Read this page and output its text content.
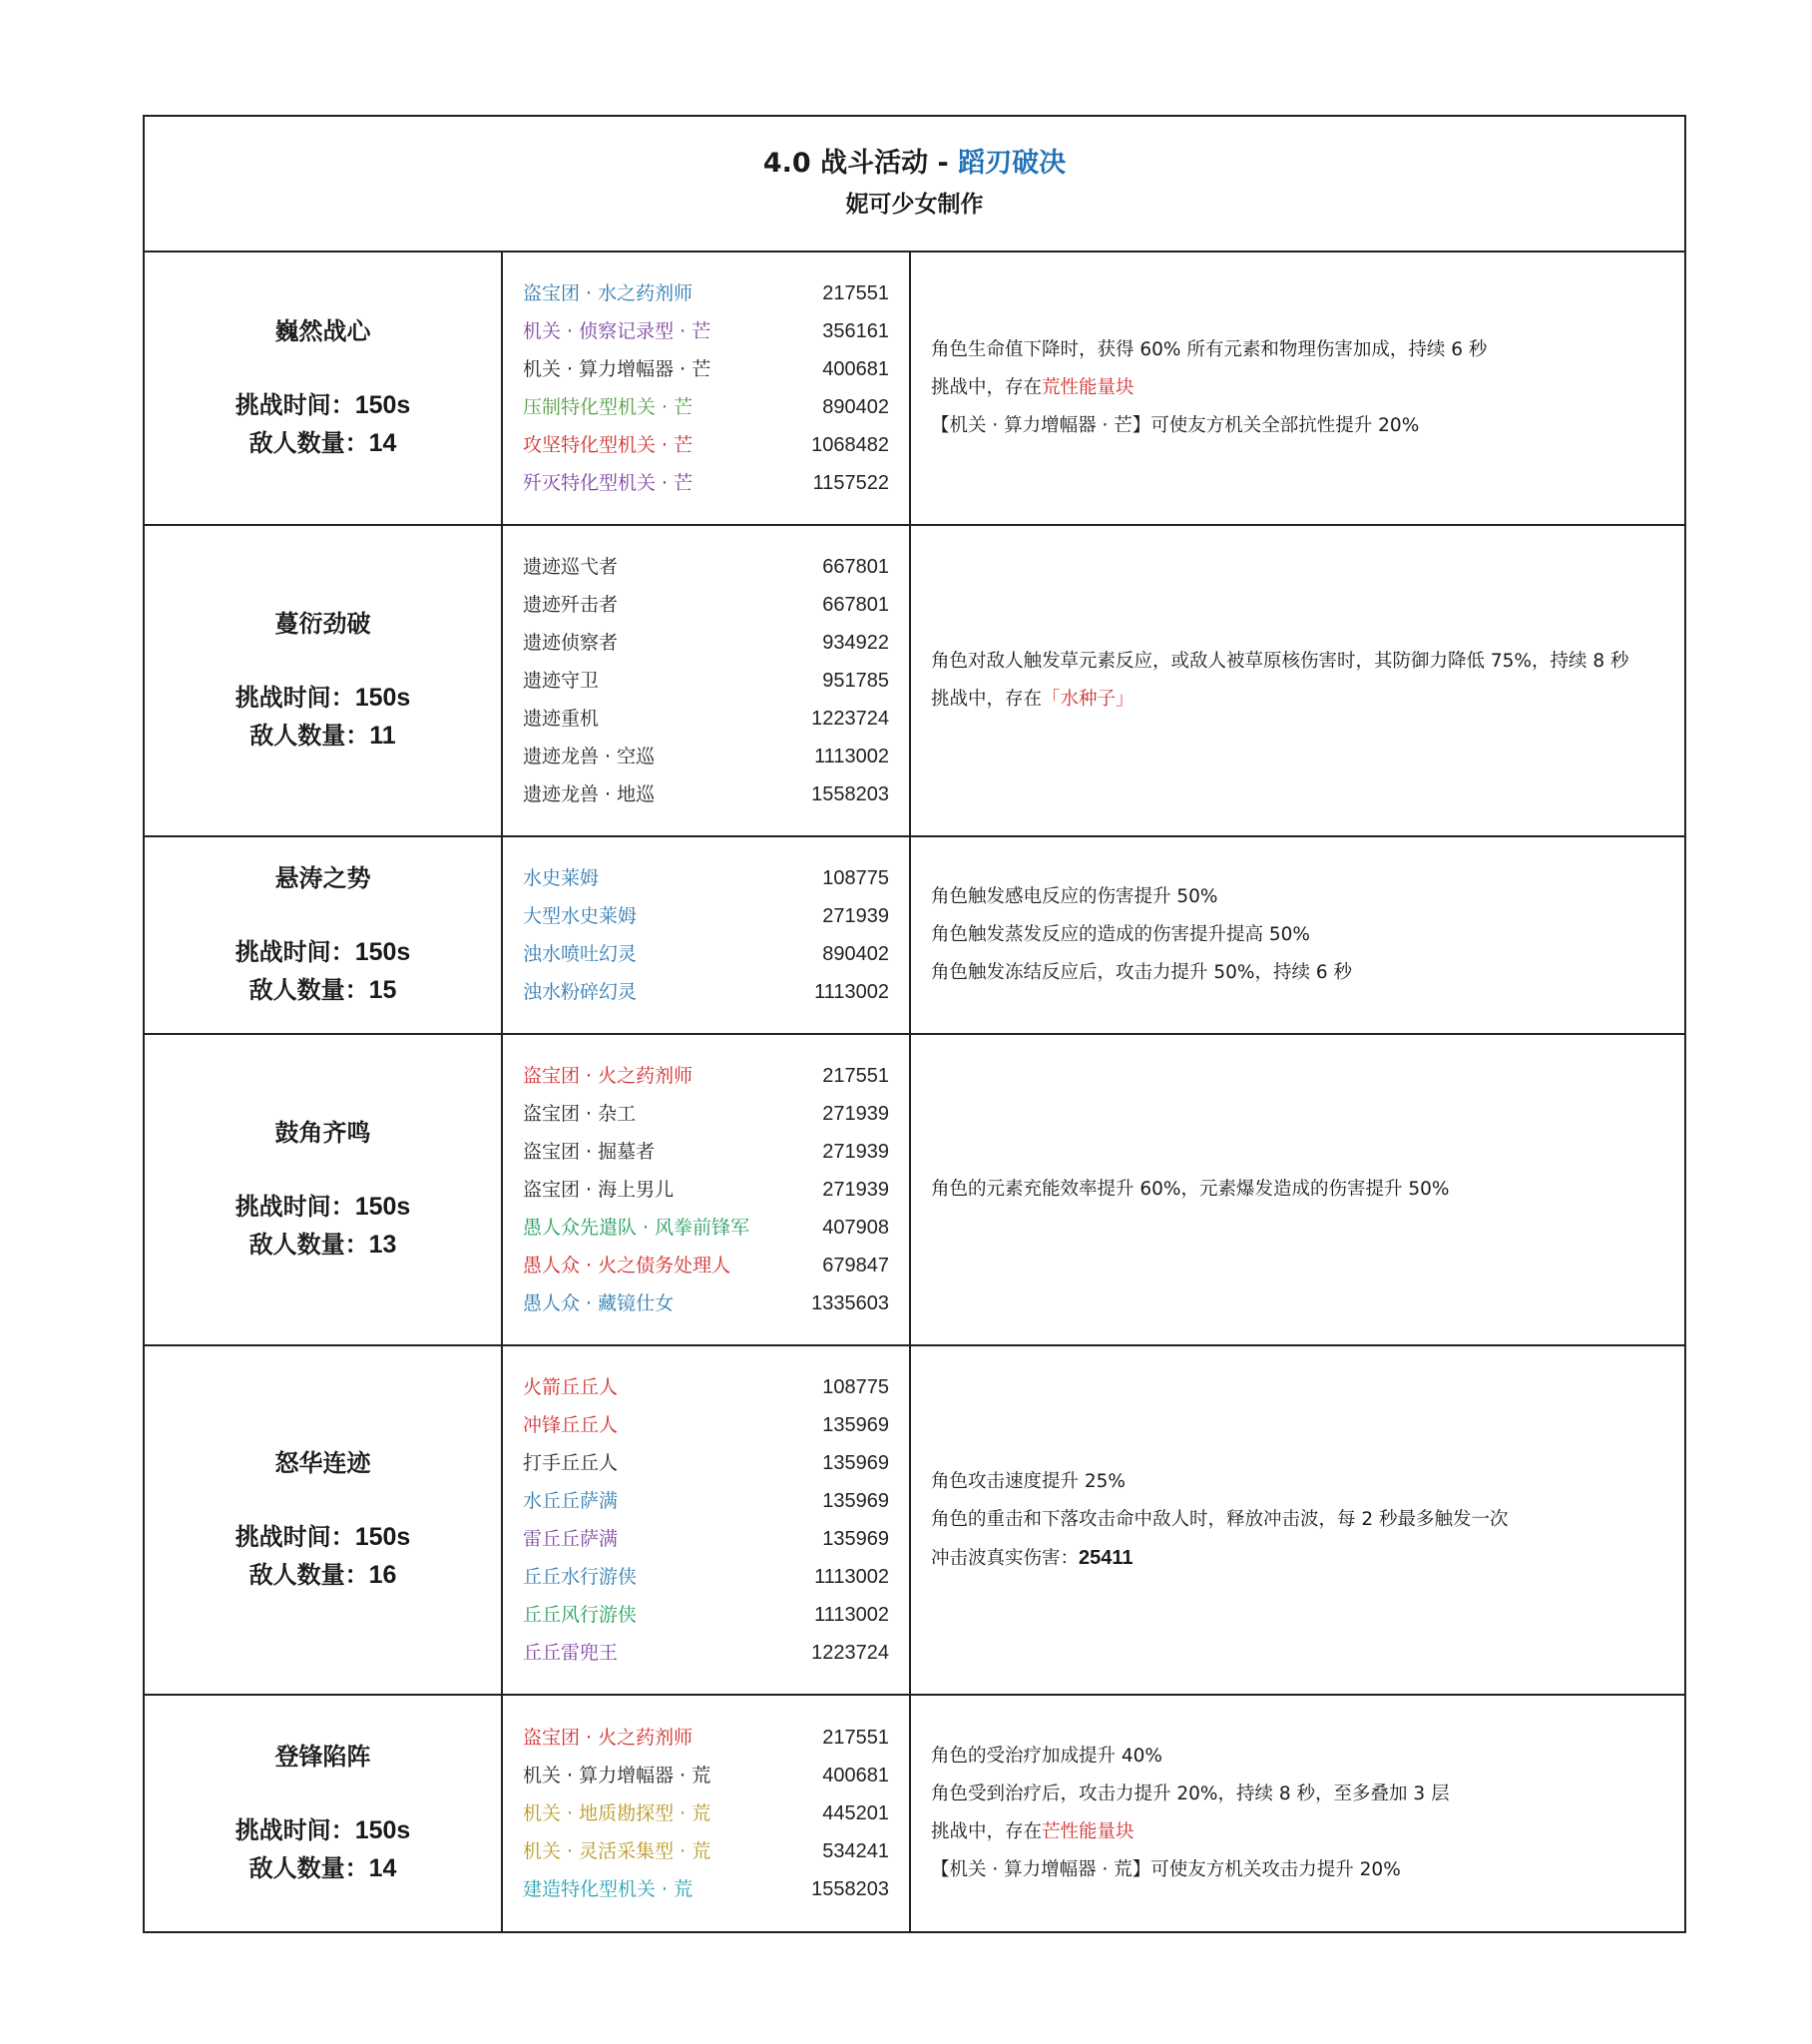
4.0 战斗活动 - 蹈刃破决
妮可少女制作
巍然战心
挑战时间：150s
敌人数量：14
盗宝团 · 水之药剂师	217551
机关 · 侦察记录型 · 芒	356161
机关 · 算力增幅器 · 芒	400681
压制特化型机关 · 芒	890402
攻坚特化型机关 · 芒	1068482
歼灭特化型机关 · 芒	1157522
角色生命值下降时，获得 60% 所有元素和物理伤害加成，持续 6 秒
挑战中，存在荒性能量块
【机关 · 算力增幅器 · 芒】可使友方机关全部抗性提升 20%
蔓衍劲破
挑战时间：150s
敌人数量：11
遗迹巡弋者	667801
遗迹歼击者	667801
遗迹侦察者	934922
遗迹守卫	951785
遗迹重机	1223724
遗迹龙兽 · 空巡	1113002
遗迹龙兽 · 地巡	1558203
角色对敌人触发草元素反应，或敌人被草原核伤害时，其防御力降低 75%，持续 8 秒
挑战中，存在「水种子」
悬涛之势
挑战时间：150s
敌人数量：15
水史莱姆	108775
大型水史莱姆	271939
浊水喷吐幻灵	890402
浊水粉碎幻灵	1113002
角色触发感电反应的伤害提升 50%
角色触发蒸发反应的造成的伤害提升提高 50%
角色触发冻结反应后，攻击力提升 50%，持续 6 秒
鼓角齐鸣
挑战时间：150s
敌人数量：13
盗宝团 · 火之药剂师	217551
盗宝团 · 杂工	271939
盗宝团 · 掘墓者	271939
盗宝团 · 海上男儿	271939
愚人众先遣队 · 风拳前锋军	407908
愚人众 · 火之债务处理人	679847
愚人众 · 藏镜仕女	1335603
角色的元素充能效率提升 60%，元素爆发造成的伤害提升 50%
怒华连迹
挑战时间：150s
敌人数量：16
火箭丘丘人	108775
冲锋丘丘人	135969
打手丘丘人	135969
水丘丘萨满	135969
雷丘丘萨满	135969
丘丘水行游侠	1113002
丘丘风行游侠	1113002
丘丘雷兜王	1223724
角色攻击速度提升 25%
角色的重击和下落攻击命中敌人时，释放冲击波，每 2 秒最多触发一次
冲击波真实伤害：25411
登锋陷阵
挑战时间：150s
敌人数量：14
盗宝团 · 火之药剂师	217551
机关 · 算力增幅器 · 荒	400681
机关 · 地质勘探型 · 荒	445201
机关 · 灵活采集型 · 荒	534241
建造特化型机关 · 荒	1558203
角色的受治疗加成提升 40%
角色受到治疗后，攻击力提升 20%，持续 8 秒，至多叠加 3 层
挑战中，存在芒性能量块
【机关 · 算力增幅器 · 荒】可使友方机关攻击力提升 20%
